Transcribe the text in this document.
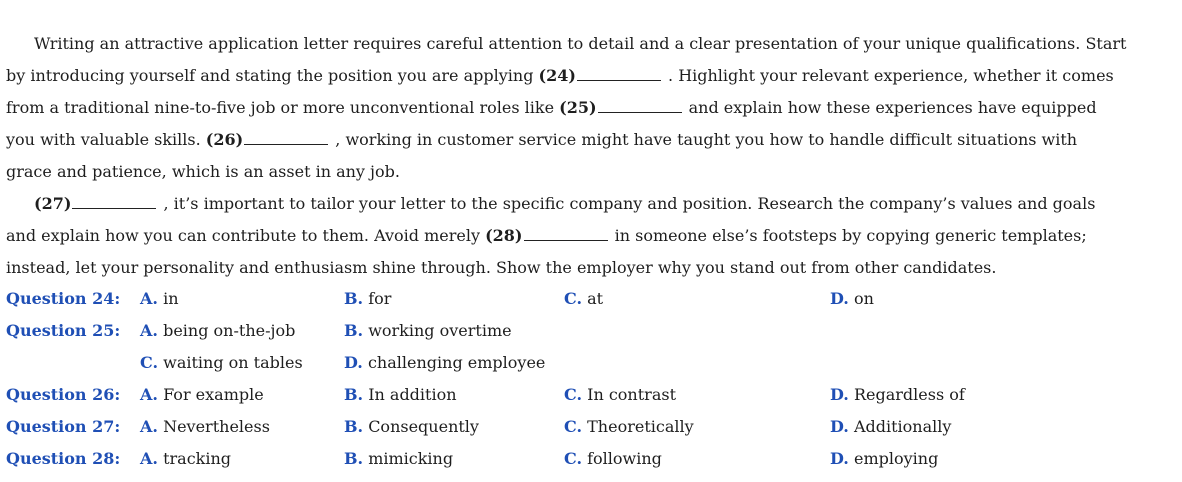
Writing an attractive application letter requires careful attention to detail and a clear presentation of your unique qualifications. Start
by introducing yourself and stating the position you are applying (24)	. Highlight your relevant experience, whether it comes
from a traditional nine-to-five job or more unconventional roles like (25)	and explain how these experiences have equipped
you with valuable skills. (26)	, working in customer service might have taught you how to handle difficult situations with
grace and patience, which is an asset in any job.
(27)	, it’s important to tailor your letter to the specific company and position. Research the company’s values and goals
and explain how you can contribute to them. Avoid merely (28)	in someone else’s footsteps by copying generic templates;
instead, let your personality and enthusiasm shine through. Show the employer why you stand out from other candidates.
Question 24: A. in	B. for	C. at	D. on
Question 25: A. being on-the-job	B. working overtime
C. waiting on tables	D. challenging employee
Question 26: A. For example	B. In addition	C. In contrast	D. Regardless of
Question 27: A. Nevertheless	B. Consequently	C. Theoretically	D. Additionally
Question 28: A. tracking	B. mimicking	C. following	D. employing
